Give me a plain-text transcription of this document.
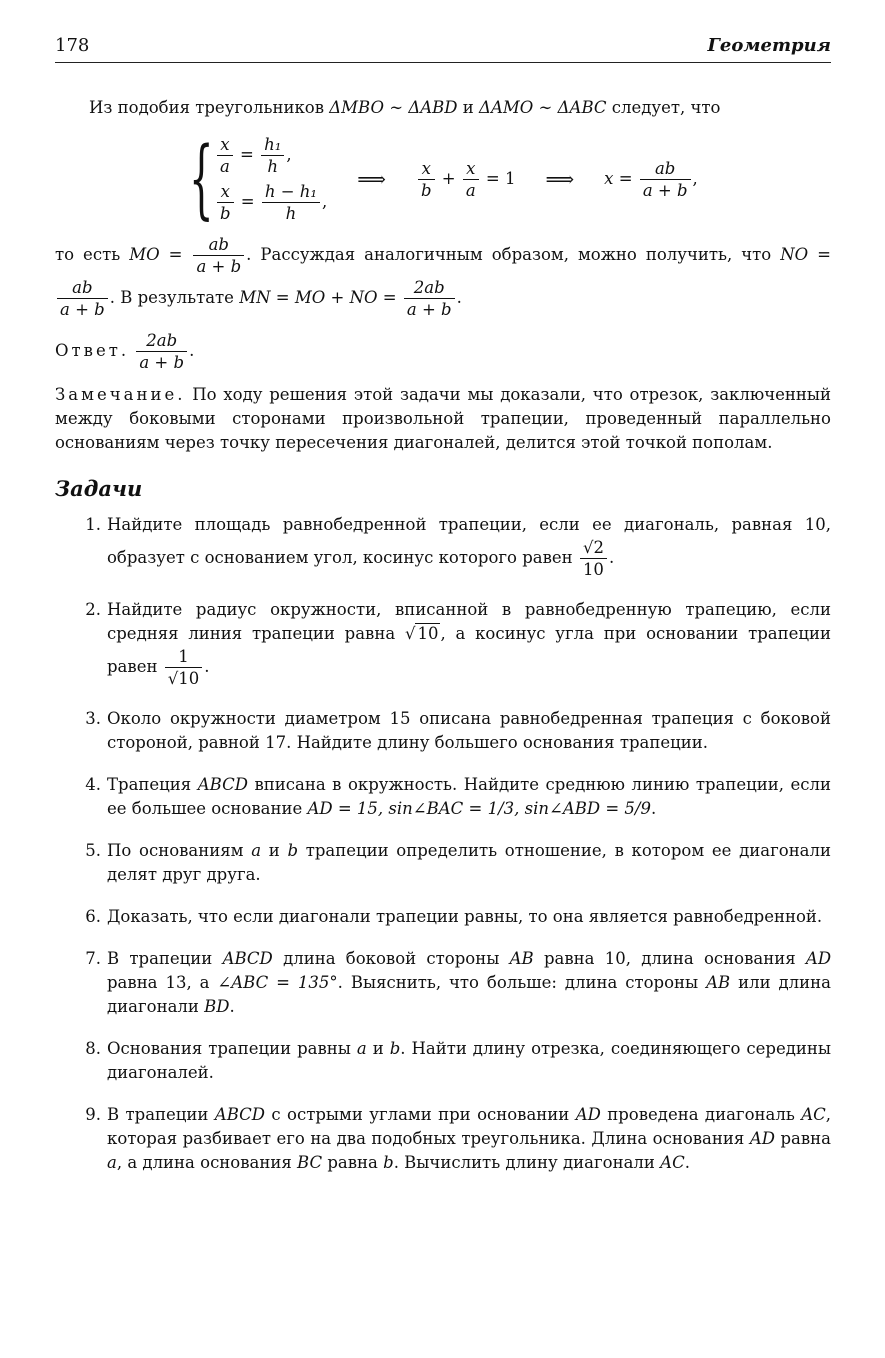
178	Геометрия

Из подобия треугольников ΔMBO ∼ ΔABD и ΔAMO ∼ ΔABC следует, что

{ $\frac{x}{a} = \frac{\text{h₁}}{h}$ ,
$\frac{x}{b} = \frac{\text{h − h₁}}{h}$ ,
⟹ $\frac{x}{b} + \frac{x}{a} = 1$ ⟹ $x = \frac{ab}{a + b}$ ,

то есть MO = $\frac{ab}{a + b}$ . Рассуждая аналогичным образом, можно получить, что NO =
$\frac{ab}{a + b}$ . В результате MN = MO + NO = $\frac{2ab}{a + b}$ .

Ответ. $\frac{2ab}{a + b}$ .

Замечание. По ходу решения этой задачи мы доказали, что отрезок, заключенный между боковыми сторонами произвольной трапеции, проведенный параллельно основаниям через точку пересечения диагоналей, делится этой точкой пополам.

Задачи
1. Найдите площадь равнобедренной трапеции, если ее диагональ, равная 10, образует с основанием угол, косинус которого равен $\frac{√2}{10}$ .
2. Найдите радиус окружности, вписанной в равнобедренную трапецию, если средняя линия трапеции равна √ 10 , а косинус угла при основании трапеции равен $\frac{1}{√10}$ .
3. Около окружности диаметром 15 описана равнобедренная трапеция с боковой стороной, равной 17. Найдите длину большего основания трапеции.
4. Трапеция ABCD вписана в окружность. Найдите среднюю линию трапеции, если ее большее основание AD = 15, sin∠BAC = 1/3, sin∠ABD = 5/9.
5. По основаниям a и b трапеции определить отношение, в котором ее диагонали делят друг друга.
6. Доказать, что если диагонали трапеции равны, то она является равнобедренной.
7. В трапеции ABCD длина боковой стороны AB равна 10, длина основания AD равна 13, а ∠ABC = 135°. Выяснить, что больше: длина стороны AB или длина диагонали BD.
8. Основания трапеции равны a и b. Найти длину отрезка, соединяющего середины диагоналей.
9. В трапеции ABCD с острыми углами при основании AD проведена диагональ AC, которая разбивает его на два подобных треугольника. Длина основания AD равна a, а длина основания BC равна b. Вычислить длину диагонали AC.
